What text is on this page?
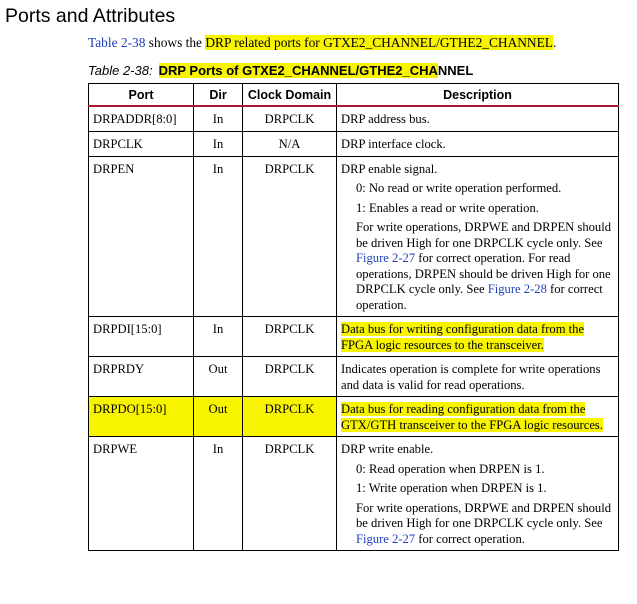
Ports and Attributes
Table 2-38 shows the DRP related ports for GTXE2_CHANNEL/GTHE2_CHANNEL.
Table 2-38: DRP Ports of GTXE2_CHANNEL/GTHE2_CHANNEL
Port	Dir	Clock Domain	Description
DRPADDR[8:0]	In	DRPCLK	DRP address bus.
DRPCLK	In	N/A	DRP interface clock.
DRPEN	In	DRPCLK	DRP enable signal.
0: No read or write operation performed.
1: Enables a read or write operation.
For write operations, DRPWE and DRPEN should be driven High for one DRPCLK cycle only. See Figure 2-27 for correct operation. For read operations, DRPEN should be driven High for one DRPCLK cycle only. See Figure 2-28 for correct operation.

DRPDI[15:0]	In	DRPCLK	Data bus for writing configuration data from the FPGA logic resources to the transceiver.
DRPRDY	Out	DRPCLK	Indicates operation is complete for write operations and data is valid for read operations.
DRPDO[15:0]	Out	DRPCLK	Data bus for reading configuration data from the GTX/GTH transceiver to the FPGA logic resources.
DRPWE	In	DRPCLK	DRP write enable.
0: Read operation when DRPEN is 1.
1: Write operation when DRPEN is 1.
For write operations, DRPWE and DRPEN should be driven High for one DRPCLK cycle only. See Figure 2-27 for correct operation.
